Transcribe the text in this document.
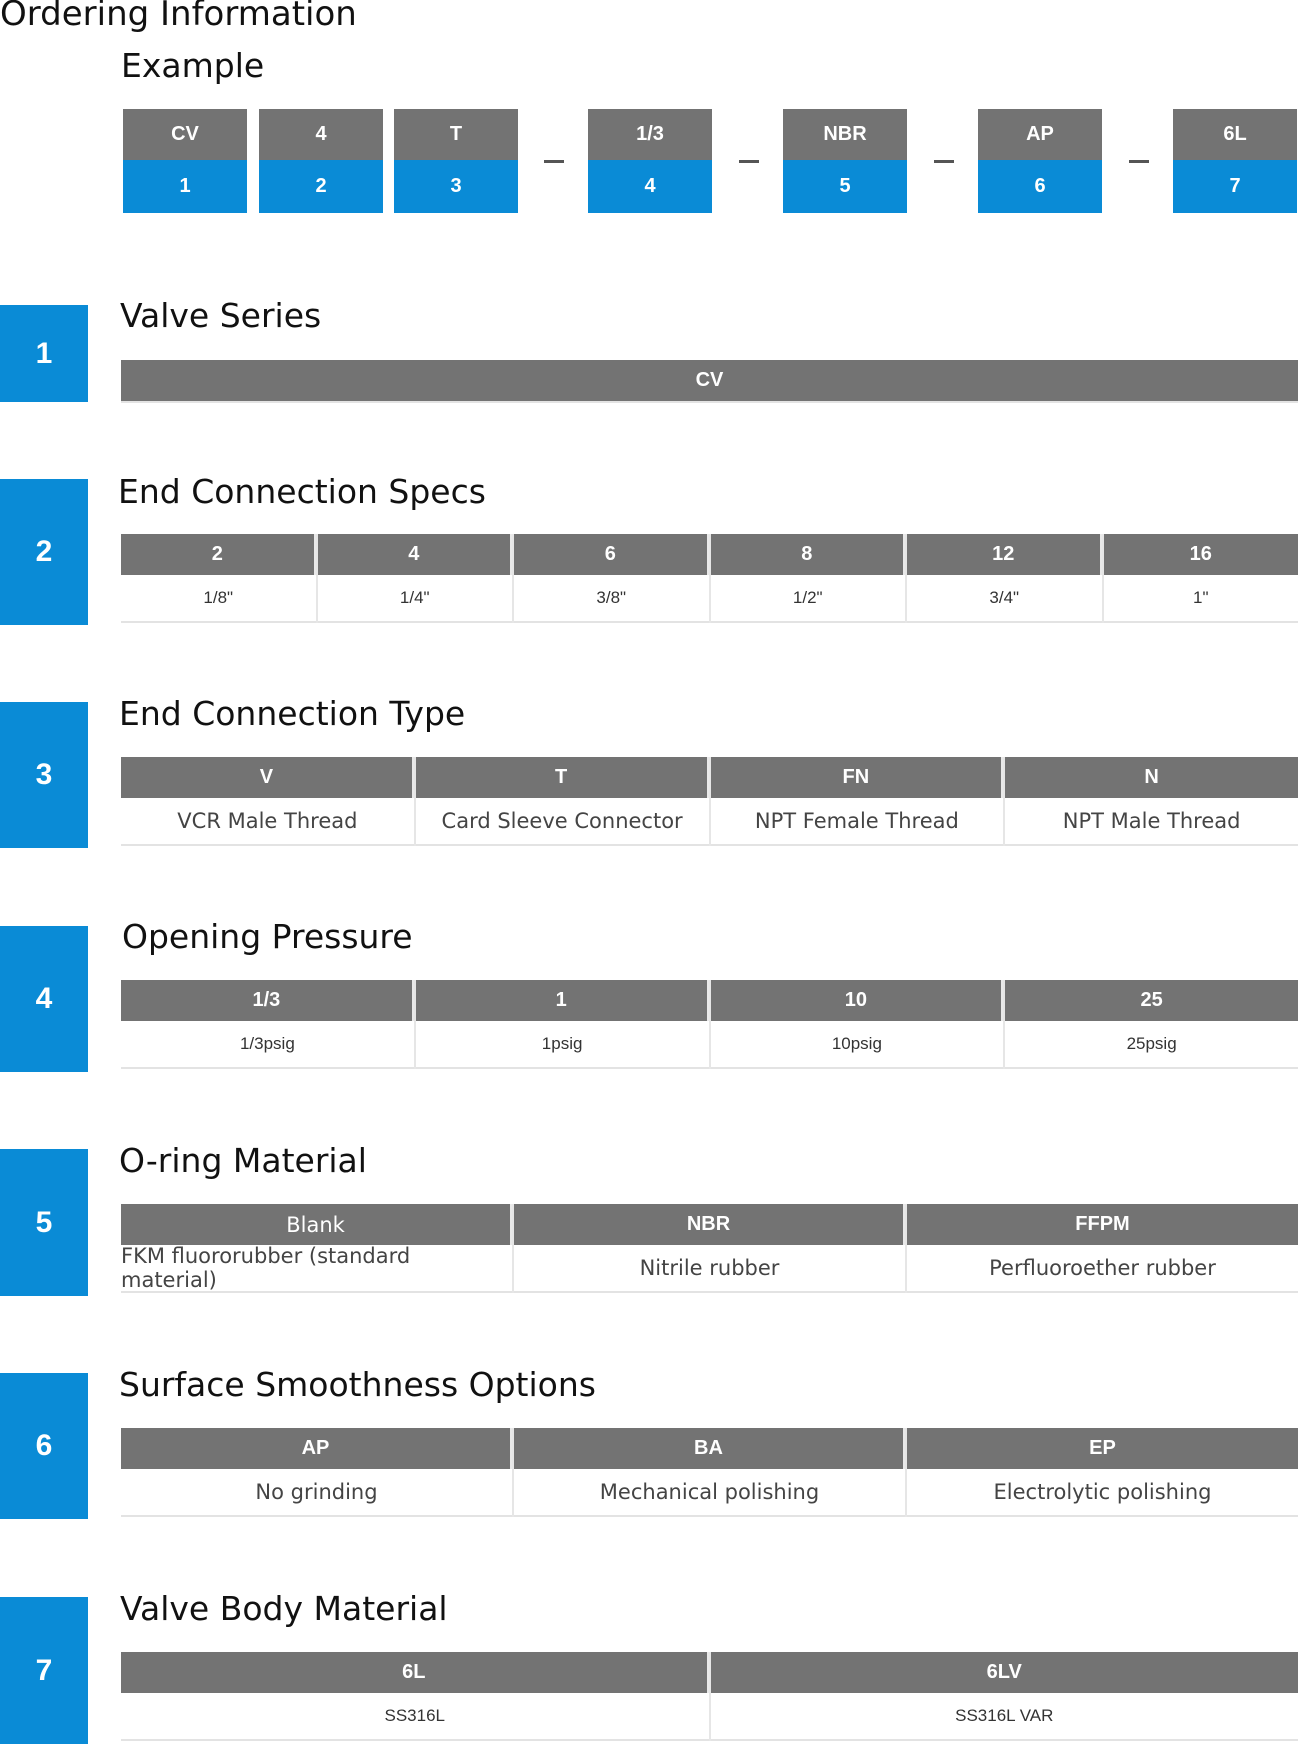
Ordering Information
Example
CV
1
4
2
T
3
1/3
4
NBR
5
AP
6
6L
7
1
Valve Series
CV
2
End Connection Specs
2
1/8"
4
1/4"
6
3/8"
8
1/2"
12
3/4"
16
1"
3
End Connection Type
V
VCR Male Thread
T
Card Sleeve Connector
FN
NPT Female Thread
N
NPT Male Thread
4
Opening Pressure
1/3
1/3psig
1
1psig
10
10psig
25
25psig
5
O-ring Material
Blank
FKM fluororubber (standard material)
NBR
Nitrile rubber
FFPM
Perfluoroether rubber
6
Surface Smoothness Options
AP
No grinding
BA
Mechanical polishing
EP
Electrolytic polishing
7
Valve Body Material
6L
SS316L
6LV
SS316L VAR
